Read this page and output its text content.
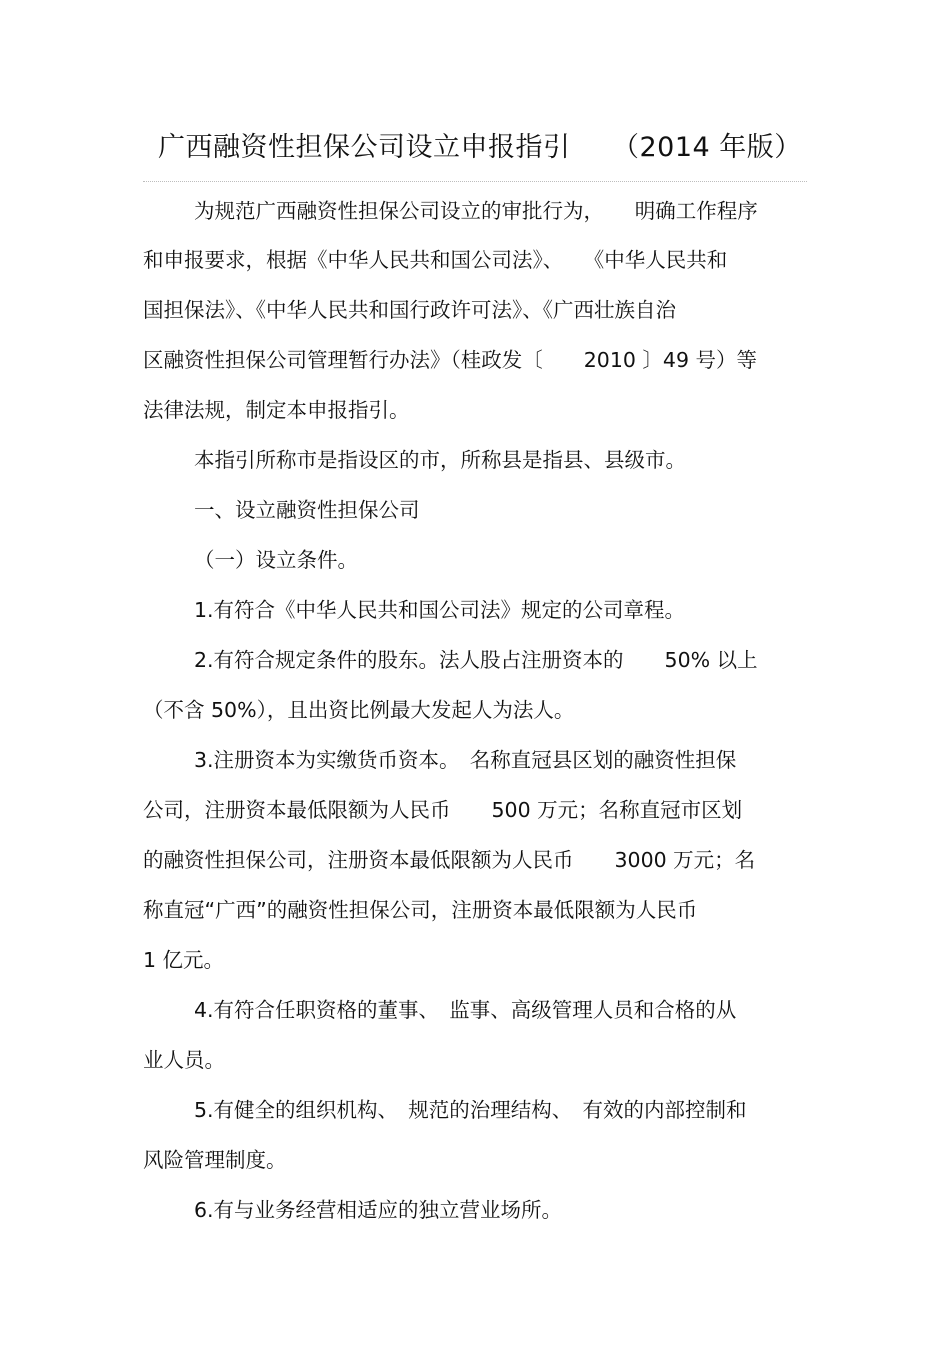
广西融资性担保公司设立申报指引　　（2014 年版）
为规范广西融资性担保公司设立的审批行为，　　明确工作程序
和申报要求，根据《中华人民共和国公司法》、　　《中华人民共和
国担保法》、《中华人民共和国行政许可法》、《广西壮族自治
区融资性担保公司管理暂行办法》（桂政发〔　　2010 〕49 号）等
法律法规，制定本申报指引。
本指引所称市是指设区的市，所称县是指县、县级市。
一、设立融资性担保公司
（一）设立条件。
1.有符合《中华人民共和国公司法》规定的公司章程。
2.有符合规定条件的股东。法人股占注册资本的　　50% 以上
（不含 50%），且出资比例最大发起人为法人。
3.注册资本为实缴货币资本。　名称直冠县区划的融资性担保
公司，注册资本最低限额为人民币　　500 万元；名称直冠市区划
的融资性担保公司，注册资本最低限额为人民币　　3000 万元；名
称直冠“广西”的融资性担保公司，注册资本最低限额为人民币
1 亿元。
4.有符合任职资格的董事、　监事、高级管理人员和合格的从
业人员。
5.有健全的组织机构、　规范的治理结构、　有效的内部控制和
风险管理制度。
6.有与业务经营相适应的独立营业场所。
